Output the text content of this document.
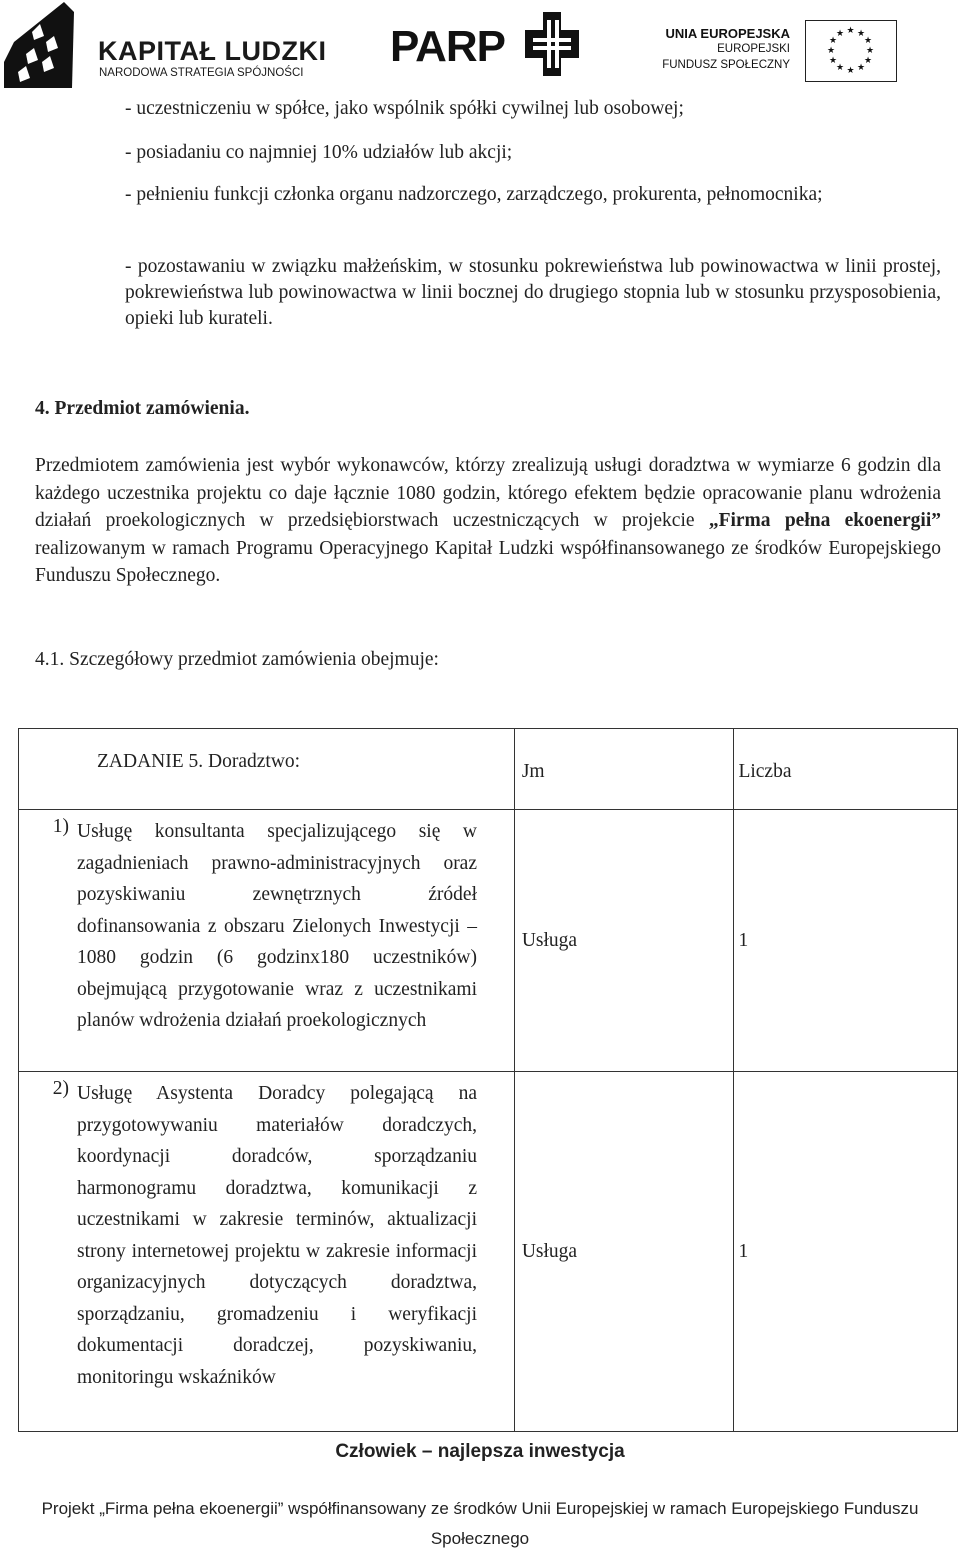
KAPITAŁ LUDZKI
NARODOWA STRATEGIA SPÓJNOŚCI
PARP	UNIA EUROPEJSKA
EUROPEJSKI
FUNDUSZ SPOŁECZNY
★ ★
★
★
★
★
★
★
★
★
★
★

- uczestniczeniu w spółce, jako wspólnik spółki cywilnej lub osobowej;

- posiadaniu co najmniej 10% udziałów lub akcji;

- pełnieniu funkcji członka organu nadzorczego, zarządczego, prokurenta, pełnomocnika;

- pozostawaniu w związku małżeńskim, w stosunku pokrewieństwa lub powinowactwa w linii prostej, pokrewieństwa lub powinowactwa w linii bocznej do drugiego stopnia lub w stosunku przysposobienia, opieki lub kurateli.

4. Przedmiot zamówienia.

Przedmiotem zamówienia jest wybór wykonawców, którzy zrealizują usługi doradztwa w wymiarze 6 godzin dla każdego uczestnika projektu co daje łącznie 1080 godzin, którego efektem będzie opracowanie planu wdrożenia działań proekologicznych w przedsiębiorstwach uczestniczących w projekcie „Firma pełna ekoenergii” realizowanym w ramach Programu Operacyjnego Kapitał Ludzki współfinansowanego ze środków Europejskiego Funduszu Społecznego.

4.1. Szczegółowy przedmiot zamówienia obejmuje:

ZADANIE 5. Doradztwo:	Jm	Liczba

1) Usługę konsultanta specjalizującego się w zagadnieniach prawno-administracyjnych oraz pozyskiwaniu zewnętrznych źródeł dofinansowania z obszaru Zielonych Inwestycji – 1080 godzin (6 godzinx180 uczestników) obejmującą przygotowanie wraz z uczestnikami planów wdrożenia działań proekologicznych	Usługa	1

2) Usługę Asystenta Doradcy polegającą na przygotowywaniu materiałów doradczych, koordynacji doradców, sporządzaniu harmonogramu doradztwa, komunikacji z uczestnikami w zakresie terminów, aktualizacji strony internetowej projektu w zakresie informacji organizacyjnych dotyczących doradztwa, sporządzaniu, gromadzeniu i weryfikacji dokumentacji doradczej, pozyskiwaniu, monitoringu wskaźników	Usługa	1
Człowiek – najlepsza inwestycja
Projekt „Firma pełna ekoenergii” współfinansowany ze środków Unii Europejskiej w ramach Europejskiego Funduszu Społecznego
